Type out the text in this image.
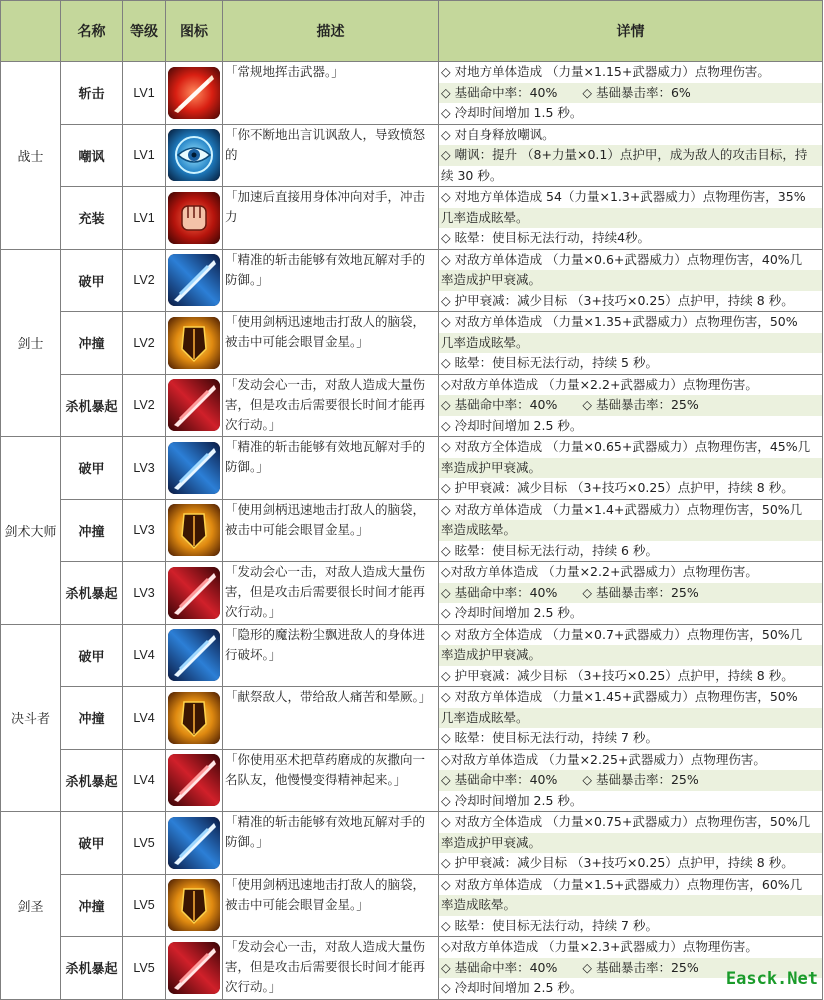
	名称	等级	图标	描述	详情
战士	斩击	LV1		「常规地挥击武器。」	◇ 对地方单体造成 （力量×1.15+武器威力）点物理伤害。
◇ 基础命中率：40%　　◇ 基础暴击率：6%
◇ 冷却时间增加 1.5 秒。

	嘲讽	LV1		「你不断地出言讥讽敌人，导致愤怒的	◇ 对自身释放嘲讽。
◇ 嘲讽：提升 （8+力量×0.1）点护甲，成为敌人的攻击目标，持
续 30 秒。

	充装	LV1		「加速后直接用身体冲向对手，冲击力	◇ 对地方单体造成 54（力量×1.3+武器威力）点物理伤害，35%
几率造成眩晕。
◇ 眩晕：使目标无法行动，持续4秒。

剑士	破甲	LV2		「精准的斩击能够有效地瓦解对手的防御。」	◇ 对敌方单体造成 （力量×0.6+武器威力）点物理伤害，40%几
率造成护甲衰减。
◇ 护甲衰减：减少目标 （3+技巧×0.25）点护甲，持续 8 秒。

	冲撞	LV2		「使用剑柄迅速地击打敌人的脑袋，被击中可能会眼冒金星。」	◇ 对敌方单体造成 （力量×1.35+武器威力）点物理伤害，50%
几率造成眩晕。
◇ 眩晕：使目标无法行动，持续 5 秒。

	杀机暴起	LV2		「发动会心一击，对敌人造成大量伤害，但是攻击后需要很长时间才能再次行动。」	◇对敌方单体造成 （力量×2.2+武器威力）点物理伤害。
◇ 基础命中率：40%　　◇ 基础暴击率：25%
◇ 冷却时间增加 2.5 秒。

剑术大师	破甲	LV3		「精准的斩击能够有效地瓦解对手的防御。」	◇ 对敌方全体造成 （力量×0.65+武器威力）点物理伤害，45%几
率造成护甲衰减。
◇ 护甲衰减：减少目标 （3+技巧×0.25）点护甲，持续 8 秒。

	冲撞	LV3		「使用剑柄迅速地击打敌人的脑袋，被击中可能会眼冒金星。」	◇ 对敌方单体造成 （力量×1.4+武器威力）点物理伤害，50%几
率造成眩晕。
◇ 眩晕：使目标无法行动，持续 6 秒。

	杀机暴起	LV3		「发动会心一击，对敌人造成大量伤害，但是攻击后需要很长时间才能再次行动。」	◇对敌方单体造成 （力量×2.2+武器威力）点物理伤害。
◇ 基础命中率：40%　　◇ 基础暴击率：25%
◇ 冷却时间增加 2.5 秒。

决斗者	破甲	LV4		「隐形的魔法粉尘飘进敌人的身体进行破坏。」	◇ 对敌方全体造成 （力量×0.7+武器威力）点物理伤害，50%几
率造成护甲衰减。
◇ 护甲衰减：减少目标 （3+技巧×0.25）点护甲，持续 8 秒。

	冲撞	LV4		「献祭敌人，带给敌人痛苦和晕厥。」	◇ 对敌方单体造成 （力量×1.45+武器威力）点物理伤害，50%
几率造成眩晕。
◇ 眩晕：使目标无法行动，持续 7 秒。

	杀机暴起	LV4		「你使用巫术把草药磨成的灰撒向一名队友，他慢慢变得精神起来。」	◇对敌方单体造成 （力量×2.25+武器威力）点物理伤害。
◇ 基础命中率：40%　　◇ 基础暴击率：25%
◇ 冷却时间增加 2.5 秒。

剑圣	破甲	LV5		「精准的斩击能够有效地瓦解对手的防御。」	◇ 对敌方全体造成 （力量×0.75+武器威力）点物理伤害，50%几
率造成护甲衰减。
◇ 护甲衰减：减少目标 （3+技巧×0.25）点护甲，持续 8 秒。

	冲撞	LV5		「使用剑柄迅速地击打敌人的脑袋，被击中可能会眼冒金星。」	◇ 对敌方单体造成 （力量×1.5+武器威力）点物理伤害，60%几
率造成眩晕。
◇ 眩晕：使目标无法行动，持续 7 秒。

	杀机暴起	LV5		「发动会心一击，对敌人造成大量伤害，但是攻击后需要很长时间才能再次行动。」	◇对敌方单体造成 （力量×2.3+武器威力）点物理伤害。
◇ 基础命中率：40%　　◇ 基础暴击率：25%
◇ 冷却时间增加 2.5 秒。	Easck.Net
